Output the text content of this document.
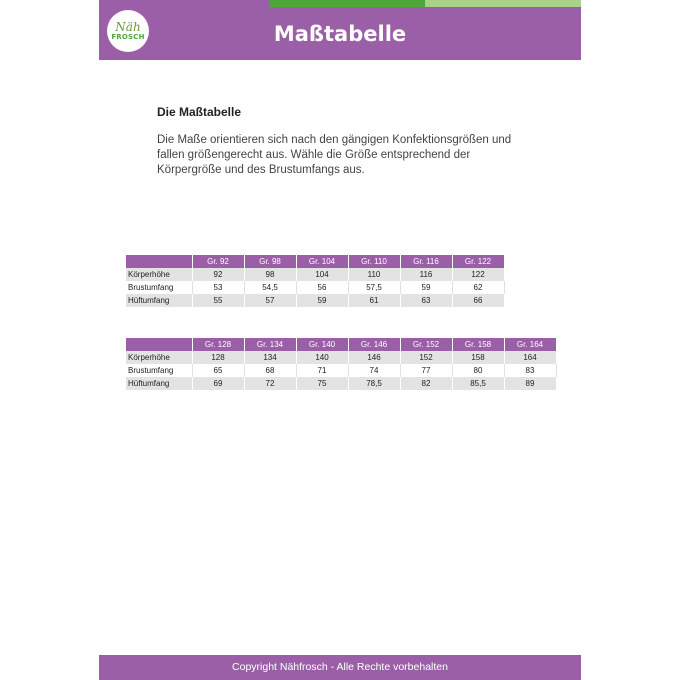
Näh
FROSCH	Maßtabelle
Die Maßtabelle

Die Maße orientieren sich nach den gängigen Konfektionsgrößen und fallen größengerecht aus. Wähle die Größe entsprechend der Körpergröße und des Brustumfangs aus.

	Gr. 92	Gr. 98	Gr. 104	Gr. 110	Gr. 116	Gr. 122
Körperhöhe	92	98	104	110	116	122
Brustumfang	53	54,5	56	57,5	59	62
Hüftumfang	55	57	59	61	63	66
	Gr. 128	Gr. 134	Gr. 140	Gr. 146	Gr. 152	Gr. 158	Gr. 164
Körperhöhe	128	134	140	146	152	158	164
Brustumfang	65	68	71	74	77	80	83
Hüftumfang	69	72	75	78,5	82	85,5	89
Copyright Nähfrosch - Alle Rechte vorbehalten
